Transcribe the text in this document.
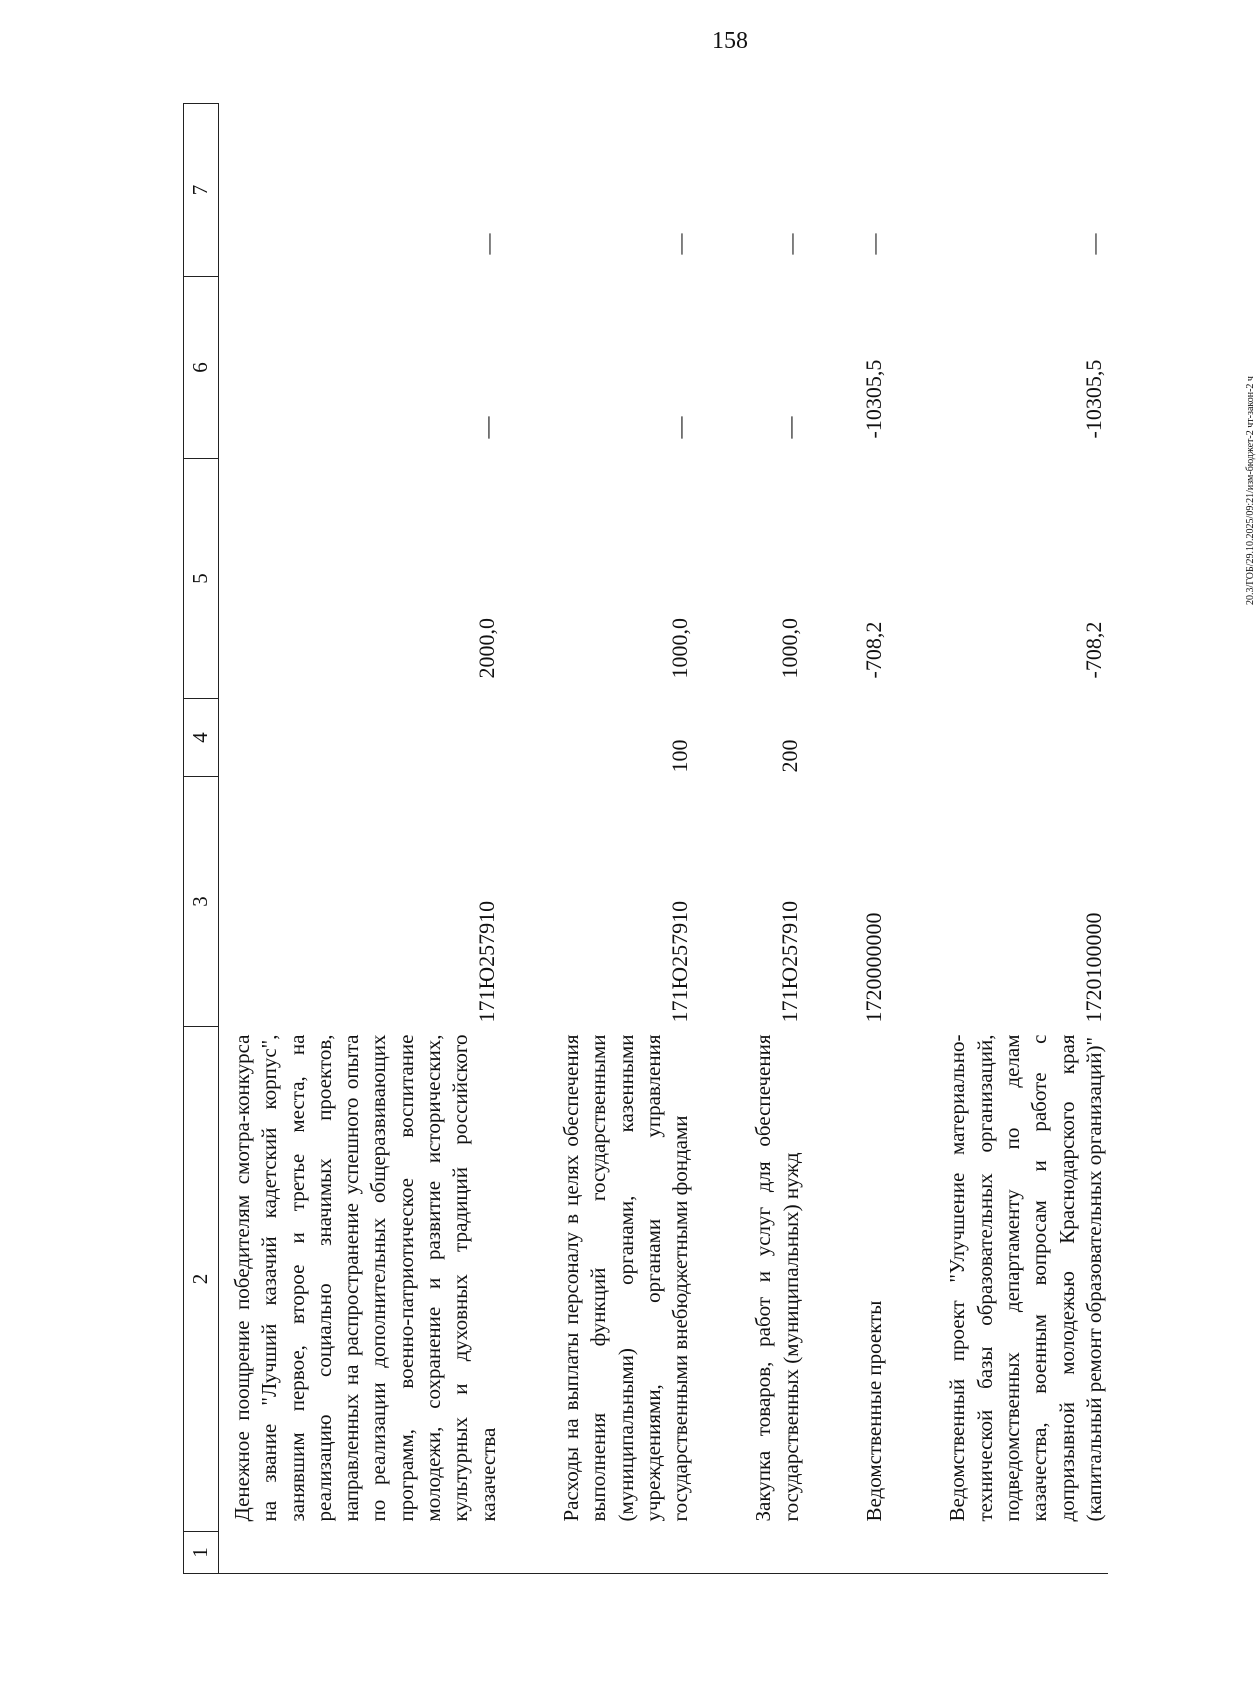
158
1	2	3	4	5	6	7
	Денежное поощрение победителям смотра-конкурса на звание "Лучший казачий кадетский корпус", занявшим первое, второе и третье места, на реализацию социально значимых проектов, направленных на распространение успешного опыта по реализации дополнительных общеразвивающих программ, военно-патриотическое воспитание молодежи, сохранение и развитие исторических, культурных и духовных традиций российского казачества	171Ю257910		2000,0	—	—

	Расходы на выплаты персоналу в целях обеспечения выполнения функций государственными (муниципальными) органами, казенными учреждениями, органами управления государственными внебюджетными фондами	171Ю257910	100	1000,0	—	—

	Закупка товаров, работ и услуг для обеспечения государственных (муниципальных) нужд	171Ю257910	200	1000,0	—	—

	Ведомственные проекты	1720000000		-708,2	-10305,5	—

	Ведомственный проект "Улучшение материально-технической базы образовательных организаций, подведомственных департаменту по делам казачества, военным вопросам и работе с допризывной молодежью Краснодарского края (капитальный ремонт образовательных организаций)"	1720100000		-708,2	-10305,5	—
20.3/ГОБ/29.10.2025/09:21/изм-бюджет-2 чт-закон-2 ч
